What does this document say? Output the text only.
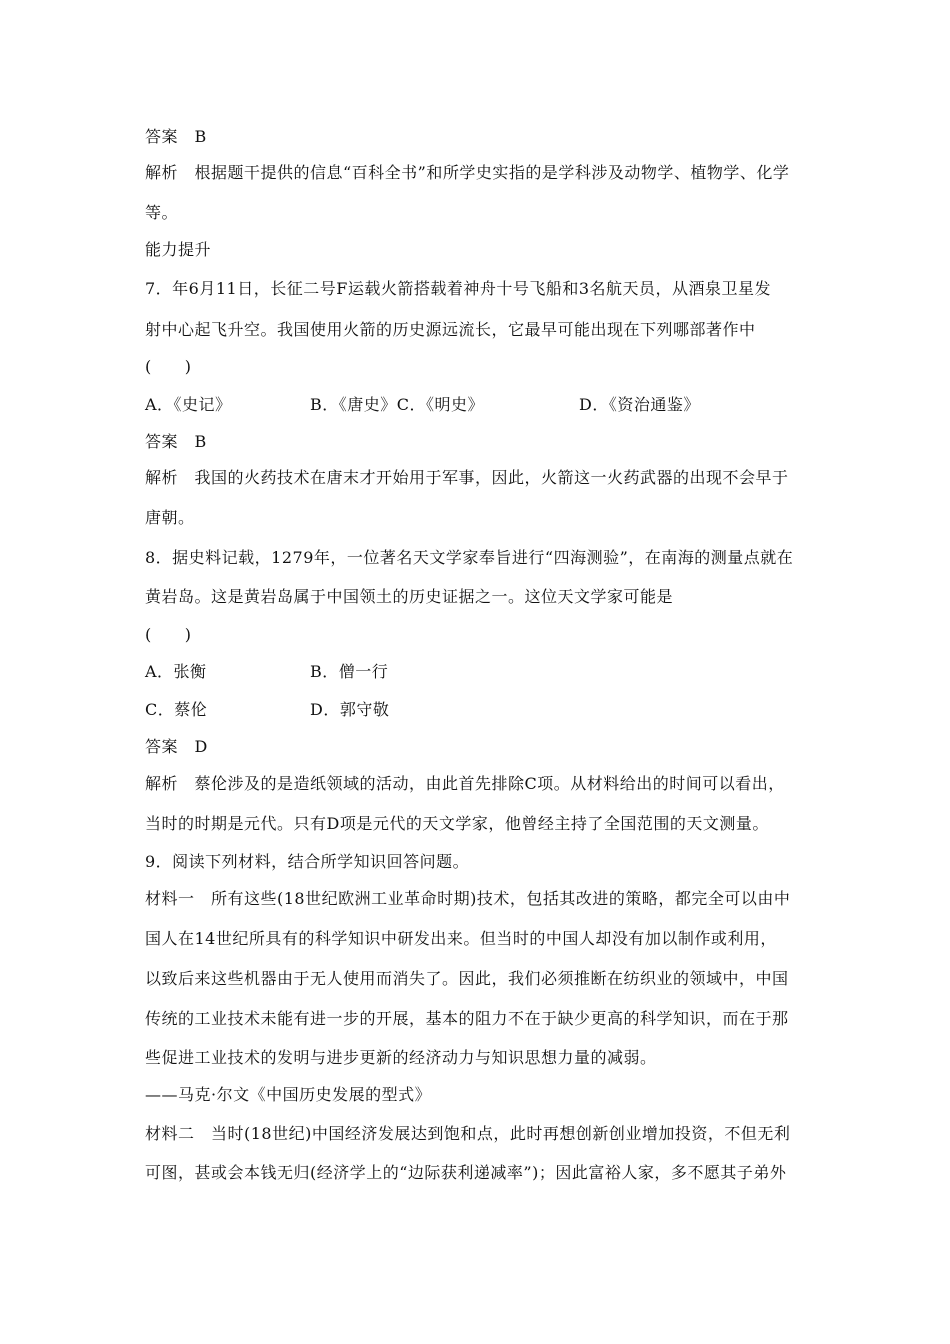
答案　B
解析　根据题干提供的信息“百科全书”和所学史实指的是学科涉及动物学、植物学、化学
等。
能力提升
7．年6月11日，长征二号F运载火箭搭载着神舟十号飞船和3名航天员，从酒泉卫星发
射中心起飞升空。我国使用火箭的历史源远流长，它最早可能出现在下列哪部著作中
(　　)
A．《史记》	B．《唐史》C．《明史》	D．《资治通鉴》
答案　B
解析　我国的火药技术在唐末才开始用于军事，因此，火箭这一火药武器的出现不会早于
唐朝。
8．据史料记载，1279年，一位著名天文学家奉旨进行“四海测验”，在南海的测量点就在
黄岩岛。这是黄岩岛属于中国领土的历史证据之一。这位天文学家可能是
(　　)
A．张衡	B．僧一行
C．蔡伦	D．郭守敬
答案　D
解析　蔡伦涉及的是造纸领域的活动，由此首先排除C项。从材料给出的时间可以看出，
当时的时期是元代。只有D项是元代的天文学家，他曾经主持了全国范围的天文测量。
9．阅读下列材料，结合所学知识回答问题。
材料一　所有这些(18世纪欧洲工业革命时期)技术，包括其改进的策略，都完全可以由中
国人在14世纪所具有的科学知识中研发出来。但当时的中国人却没有加以制作或利用，
以致后来这些机器由于无人使用而消失了。因此，我们必须推断在纺织业的领域中，中国
传统的工业技术未能有进一步的开展，基本的阻力不在于缺少更高的科学知识，而在于那
些促进工业技术的发明与进步更新的经济动力与知识思想力量的减弱。
——马克·尔文《中国历史发展的型式》
材料二　当时(18世纪)中国经济发展达到饱和点，此时再想创新创业增加投资，不但无利
可图，甚或会本钱无归(经济学上的“边际获利递减率”)；因此富裕人家，多不愿其子弟外
